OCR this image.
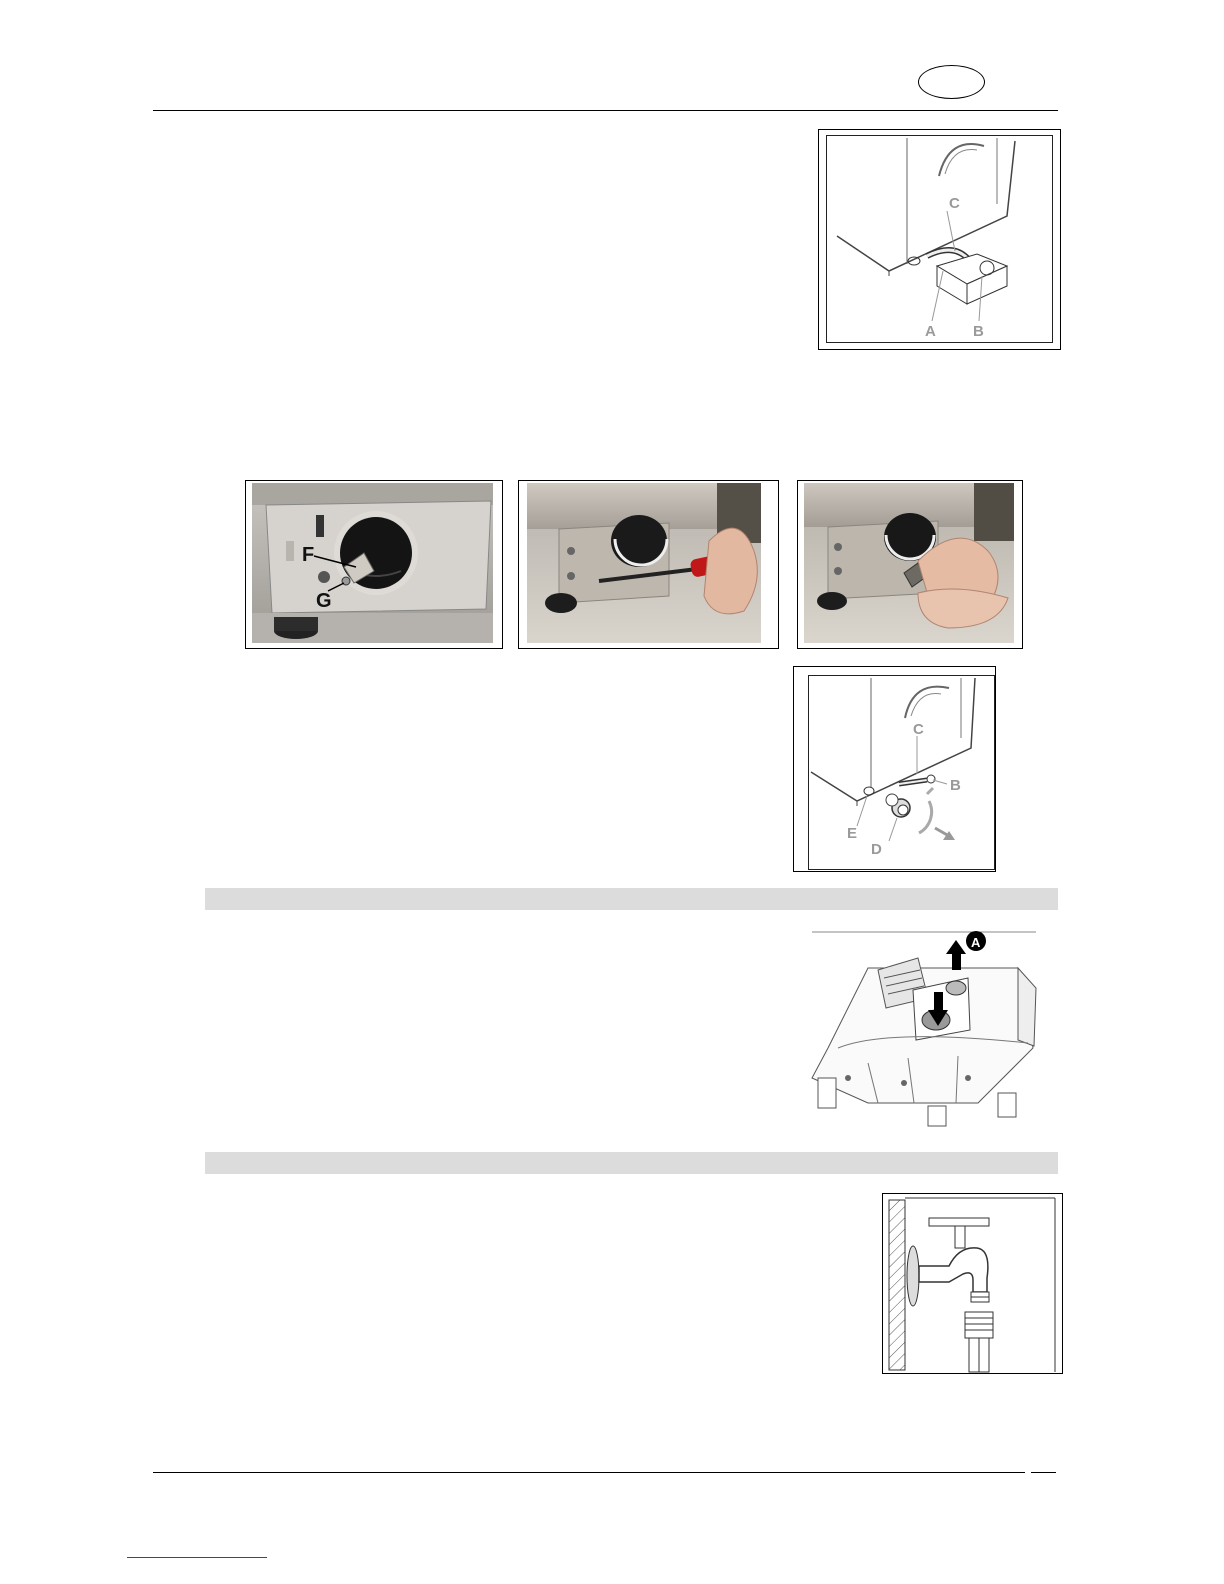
C
A B
F
G
C
B
E
D
A
